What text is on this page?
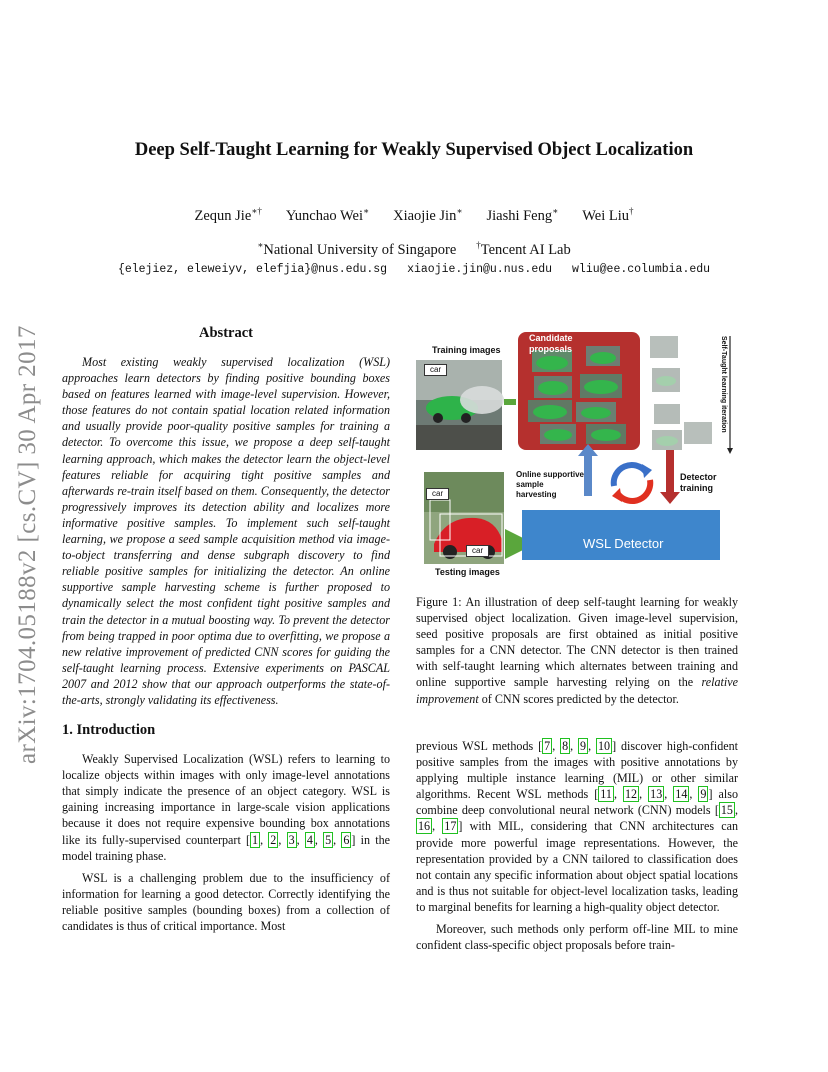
arXiv:1704.05188v2 [cs.CV] 30 Apr 2017
Deep Self-Taught Learning for Weakly Supervised Object Localization
Zequn Jie∗† Yunchao Wei∗ Xiaojie Jin∗ Jiashi Feng∗ Wei Liu†
∗National University of Singapore †Tencent AI Lab
{elejiez, eleweiyv, elefjia}@nus.edu.sg xiaojie.jin@u.nus.edu wliu@ee.columbia.edu
Abstract
Most existing weakly supervised localization (WSL) approaches learn detectors by finding positive bounding boxes based on features learned with image-level supervision. However, those features do not contain spatial location related information and usually provide poor-quality positive samples for training a detector. To overcome this issue, we propose a deep self-taught learning approach, which makes the detector learn the object-level features reliable for acquiring tight positive samples and afterwards re-train itself based on them. Consequently, the detector progressively improves its detection ability and localizes more informative positive samples. To implement such self-taught learning, we propose a seed sample acquisition method via image-to-object transferring and dense subgraph discovery to find reliable positive samples for initializing the detector. An online supportive sample harvesting scheme is further proposed to dynamically select the most confident tight positive samples and train the detector in a mutual boosting way. To prevent the detector from being trapped in poor optima due to overfitting, we propose a new relative improvement of predicted CNN scores for guiding the self-taught learning process. Extensive experiments on PASCAL 2007 and 2012 show that our approach outperforms the state-of-the-arts, strongly validating its effectiveness.
1. Introduction

Weakly Supervised Localization (WSL) refers to learning to localize objects within images with only image-level annotations that simply indicate the presence of an object category. WSL is gaining increasing importance in large-scale vision applications because it does not require expensive bounding box annotations like its fully-supervised counterpart [ 1 , 2 , 3 , 4 , 5 , 6 ] in the model training phase.

WSL is a challenging problem due to the insufficiency of information for learning a good detector. Correctly identifying the reliable positive samples (bounding boxes) from a collection of candidates is thus of critical importance. Most

Self-Taught learning iteration
Training images
car
Candidate proposals
Online supportive sample harvesting
Detector training
car
car	WSL Detector
Testing images
Figure 1: An illustration of deep self-taught learning for weakly supervised object localization. Given image-level supervision, seed positive proposals are first obtained as initial positive samples for a CNN detector. The CNN detector is then trained with self-taught learning which alternates between training and online supportive sample harvesting relying on the relative improvement of CNN scores predicted by the detector.

previous WSL methods [ 7 , 8 , 9 , 10 ] discover high-confident positive samples from the images with positive annotations by applying multiple instance learning (MIL) or other similar algorithms. Recent WSL methods [ 11 , 12 , 13 , 14 , 9 ] also combine deep convolutional neural network (CNN) models [ 15 , 16 , 17 ] with MIL, considering that CNN architectures can provide more powerful image representations. However, the representation provided by a CNN tailored to classification does not contain any specific information about object spatial locations and is thus not suitable for object-level localization tasks, leading to marginal benefits for learning a high-quality object detector.

Moreover, such methods only perform off-line MIL to mine confident class-specific object proposals before train-
